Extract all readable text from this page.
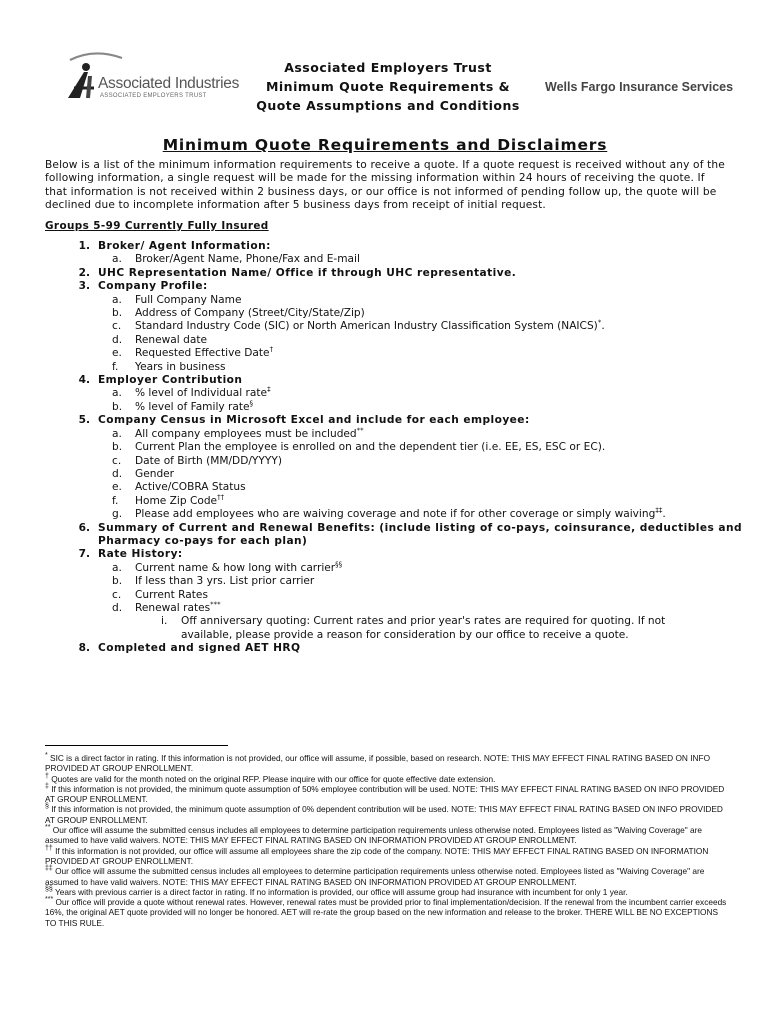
Associated Industries
ASSOCIATED EMPLOYERS TRUST
Associated Employers Trust
Minimum Quote Requirements &
Quote Assumptions and Conditions
Wells Fargo Insurance Services
Minimum Quote Requirements and Disclaimers
Below is a list of the minimum information requirements to receive a quote. If a quote request is received without any of the following information, a single request will be made for the missing information within 24 hours of receiving the quote. If that information is not received within 2 business days, or our office is not informed of pending follow up, the quote will be declined due to incomplete information after 5 business days from receipt of initial request.
Groups 5-99 Currently Fully Insured
1. Broker/ Agent Information:
a. Broker/Agent Name, Phone/Fax and E-mail
2. UHC Representation Name/ Office if through UHC representative.
3. Company Profile:
a. Full Company Name
b. Address of Company (Street/City/State/Zip)
c. Standard Industry Code (SIC) or North American Industry Classification System (NAICS)*.
d. Renewal date
e. Requested Effective Date†
f. Years in business
4. Employer Contribution
a. % level of Individual rate‡
b. % level of Family rate§
5. Company Census in Microsoft Excel and include for each employee:
a. All company employees must be included**
b. Current Plan the employee is enrolled on and the dependent tier (i.e. EE, ES, ESC or EC).
c. Date of Birth (MM/DD/YYYY)
d. Gender
e. Active/COBRA Status
f. Home Zip Code††
g. Please add employees who are waiving coverage and note if for other coverage or simply waiving‡‡.
6. Summary of Current and Renewal Benefits: (include listing of co-pays, coinsurance, deductibles and
Pharmacy co-pays for each plan)
7. Rate History:
a. Current name & how long with carrier§§
b. If less than 3 yrs. List prior carrier
c. Current Rates
d. Renewal rates***
i. Off anniversary quoting: Current rates and prior year's rates are required for quoting. If not
available, please provide a reason for consideration by our office to receive a quote.
8. Completed and signed AET HRQ

* SIC is a direct factor in rating. If this information is not provided, our office will assume, if possible, based on research. NOTE: THIS MAY EFFECT FINAL RATING BASED ON INFO PROVIDED AT GROUP ENROLLMENT.

† Quotes are valid for the month noted on the original RFP. Please inquire with our office for quote effective date extension.

‡ If this information is not provided, the minimum quote assumption of 50% employee contribution will be used. NOTE: THIS MAY EFFECT FINAL RATING BASED ON INFO PROVIDED AT GROUP ENROLLMENT.

§ If this information is not provided, the minimum quote assumption of 0% dependent contribution will be used. NOTE: THIS MAY EFFECT FINAL RATING BASED ON INFO PROVIDED AT GROUP ENROLLMENT.

** Our office will assume the submitted census includes all employees to determine participation requirements unless otherwise noted. Employees listed as "Waiving Coverage" are assumed to have valid waivers. NOTE: THIS MAY EFFECT FINAL RATING BASED ON INFORMATION PROVIDED AT GROUP ENROLLMENT.

†† If this information is not provided, our office will assume all employees share the zip code of the company. NOTE: THIS MAY EFFECT FINAL RATING BASED ON INFORMATION PROVIDED AT GROUP ENROLLMENT.

‡‡ Our office will assume the submitted census includes all employees to determine participation requirements unless otherwise noted. Employees listed as "Waiving Coverage" are assumed to have valid waivers. NOTE: THIS MAY EFFECT FINAL RATING BASED ON INFORMATION PROVIDED AT GROUP ENROLLMENT.

§§ Years with previous carrier is a direct factor in rating. If no information is provided, our office will assume group had insurance with incumbent for only 1 year.

*** Our office will provide a quote without renewal rates. However, renewal rates must be provided prior to final implementation/decision. If the renewal from the incumbent carrier exceeds 16%, the original AET quote provided will no longer be honored. AET will re-rate the group based on the new information and release to the broker. THERE WILL BE NO EXCEPTIONS TO THIS RULE.
